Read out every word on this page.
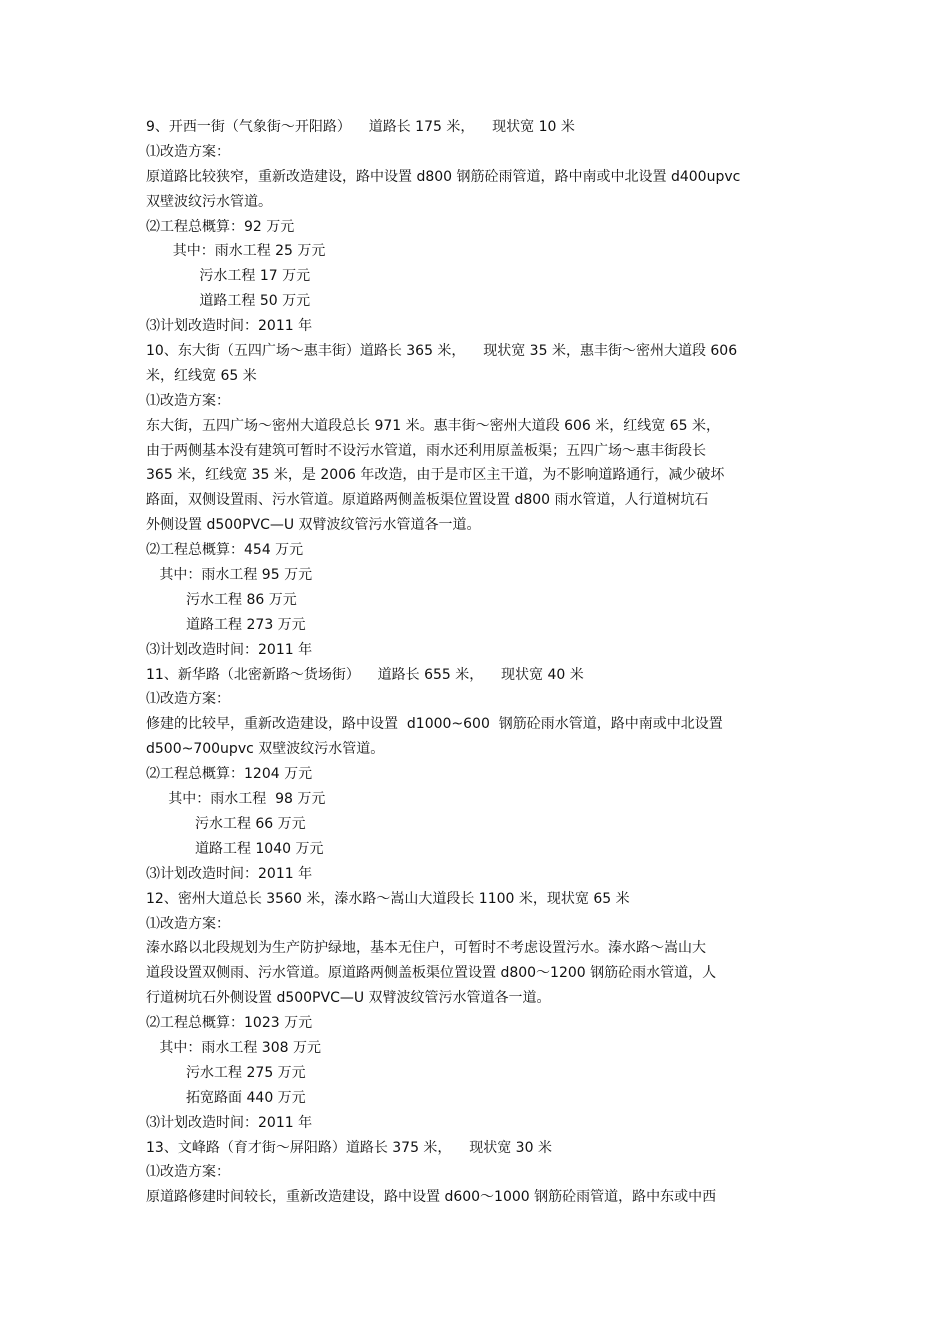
9、开西一街（气象街～开阳路）    道路长 175 米，    现状宽 10 米
⑴改造方案：
原道路比较狭窄，重新改造建设，路中设置 d800 钢筋砼雨管道，路中南或中北设置 d400upvc
双壁波纹污水管道。
⑵工程总概算：92 万元
其中：雨水工程 25 万元
污水工程 17 万元
道路工程 50 万元
⑶计划改造时间：2011 年
10、东大街（五四广场～惠丰街）道路长 365 米，    现状宽 35 米，惠丰街～密州大道段 606
米，红线宽 65 米
⑴改造方案：
东大街，五四广场～密州大道段总长 971 米。惠丰街～密州大道段 606 米，红线宽 65 米，
由于两侧基本没有建筑可暂时不设污水管道，雨水还利用原盖板渠；五四广场～惠丰街段长
365 米，红线宽 35 米，是 2006 年改造，由于是市区主干道，为不影响道路通行，减少破坏
路面，双侧设置雨、污水管道。原道路两侧盖板渠位置设置 d800 雨水管道，人行道树坑石
外侧设置 d500PVC—U 双臂波纹管污水管道各一道。
⑵工程总概算：454 万元
其中：雨水工程 95 万元
污水工程 86 万元
道路工程 273 万元
⑶计划改造时间：2011 年
11、新华路（北密新路～货场街）    道路长 655 米，    现状宽 40 米
⑴改造方案：
修建的比较早，重新改造建设，路中设置  d1000~600  钢筋砼雨水管道，路中南或中北设置
d500~700upvc 双壁波纹污水管道。
⑵工程总概算：1204 万元
其中：雨水工程  98 万元
污水工程 66 万元
道路工程 1040 万元
⑶计划改造时间：2011 年
12、密州大道总长 3560 米，溱水路～嵩山大道段长 1100 米，现状宽 65 米
⑴改造方案：
溱水路以北段规划为生产防护绿地，基本无住户，可暂时不考虑设置污水。溱水路～嵩山大
道段设置双侧雨、污水管道。原道路两侧盖板渠位置设置 d800～1200 钢筋砼雨水管道，人
行道树坑石外侧设置 d500PVC—U 双臂波纹管污水管道各一道。
⑵工程总概算：1023 万元
其中：雨水工程 308 万元
污水工程 275 万元
拓宽路面 440 万元
⑶计划改造时间：2011 年
13、文峰路（育才街～屏阳路）道路长 375 米，    现状宽 30 米
⑴改造方案：
原道路修建时间较长，重新改造建设，路中设置 d600～1000 钢筋砼雨管道，路中东或中西
